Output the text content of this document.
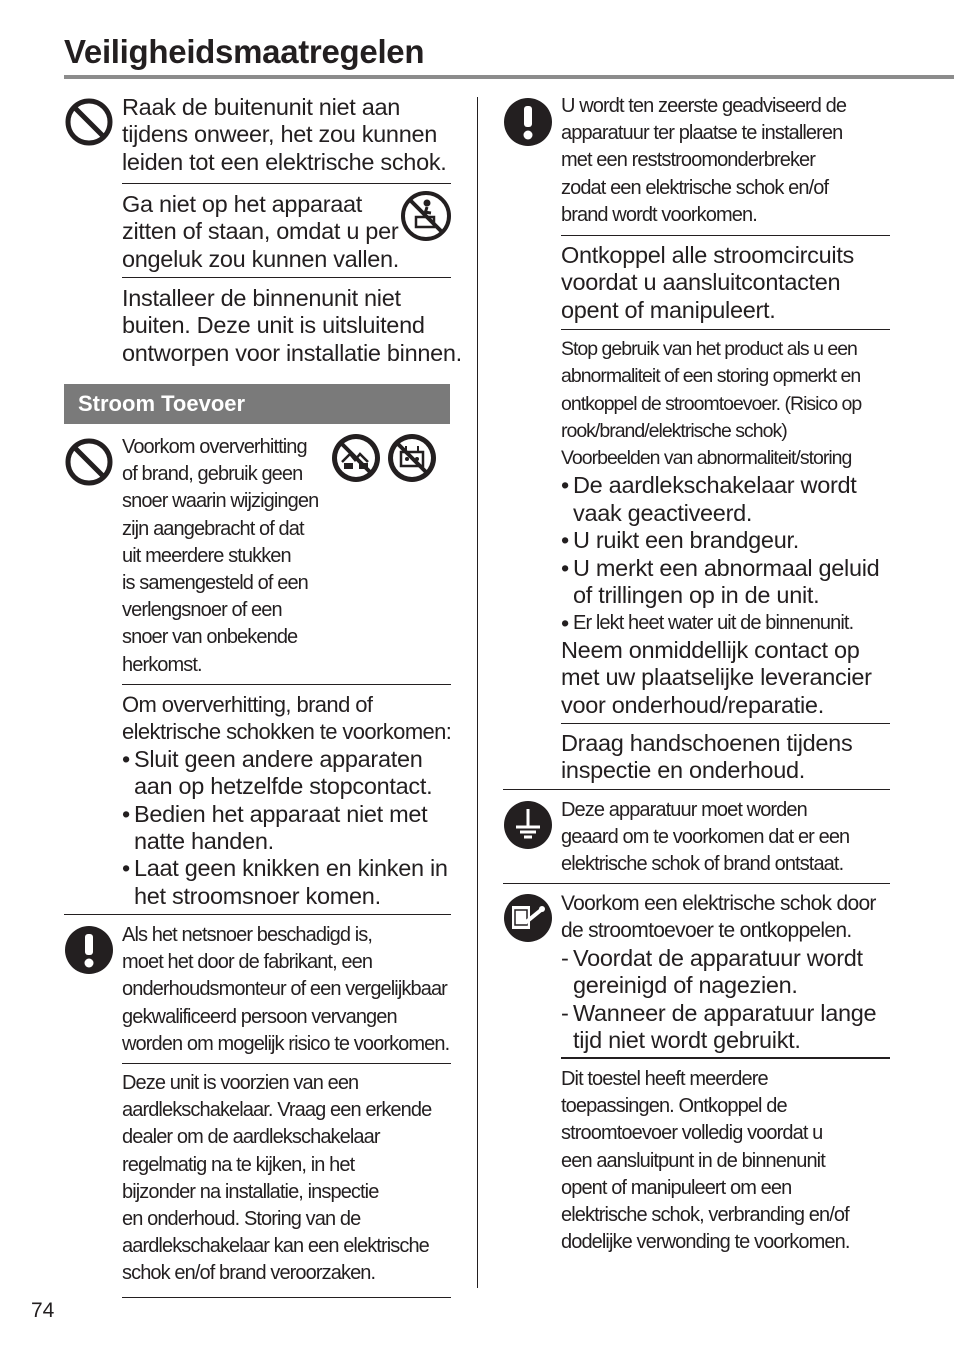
Veiligheidsmaatregelen
Raak de buitenunit niet aan
tijdens onweer, het zou kunnen
leiden tot een elektrische schok.
Ga niet op het apparaat
zitten of staan, omdat u per
ongeluk zou kunnen vallen.
Installeer de binnenunit niet
buiten. Deze unit is uitsluitend
ontworpen voor installatie binnen.
Stroom Toevoer
Voorkom oververhitting
of brand, gebruik geen
snoer waarin wijzigingen
zijn aangebracht of dat
uit meerdere stukken
is samengesteld of een
verlengsnoer of een
snoer van onbekende
herkomst.
Om oververhitting, brand of
elektrische schokken te voorkomen:
• Sluit geen andere apparaten
aan op hetzelfde stopcontact.
• Bedien het apparaat niet met
natte handen.
• Laat geen knikken en kinken in
het stroomsnoer komen.
Als het netsnoer beschadigd is,
moet het door de fabrikant, een
onderhoudsmonteur of een vergelijkbaar
gekwalificeerd persoon vervangen
worden om mogelijk risico te voorkomen.
Deze unit is voorzien van een
aardlekschakelaar. Vraag een erkende
dealer om de aardlekschakelaar
regelmatig na te kijken, in het
bijzonder na installatie, inspectie
en onderhoud. Storing van de
aardlekschakelaar kan een elektrische
schok en/of brand veroorzaken.
U wordt ten zeerste geadviseerd de
apparatuur ter plaatse te installeren
met een reststroomonderbreker
zodat een elektrische schok en/of
brand wordt voorkomen.
Ontkoppel alle stroomcircuits
voordat u aansluitcontacten
opent of manipuleert.
Stop gebruik van het product als u een
abnormaliteit of een storing opmerkt en
ontkoppel de stroomtoevoer. (Risico op
rook/brand/elektrische schok)
Voorbeelden van abnormaliteit/storing
• De aardlekschakelaar wordt
vaak geactiveerd.
• U ruikt een brandgeur.
• U merkt een abnormaal geluid
of trillingen op in de unit.
• Er lekt heet water uit de binnenunit.
Neem onmiddellijk contact op
met uw plaatselijke leverancier
voor onderhoud/reparatie.
Draag handschoenen tijdens
inspectie en onderhoud.
Deze apparatuur moet worden
geaard om te voorkomen dat er een
elektrische schok of brand ontstaat.
Voorkom een elektrische schok door
de stroomtoevoer te ontkoppelen.
- Voordat de apparatuur wordt
gereinigd of nagezien.
- Wanneer de apparatuur lange
tijd niet wordt gebruikt.
Dit toestel heeft meerdere
toepassingen. Ontkoppel de
stroomtoevoer volledig voordat u
een aansluitpunt in de binnenunit
opent of manipuleert om een
elektrische schok, verbranding en/of
dodelijke verwonding te voorkomen.
74
